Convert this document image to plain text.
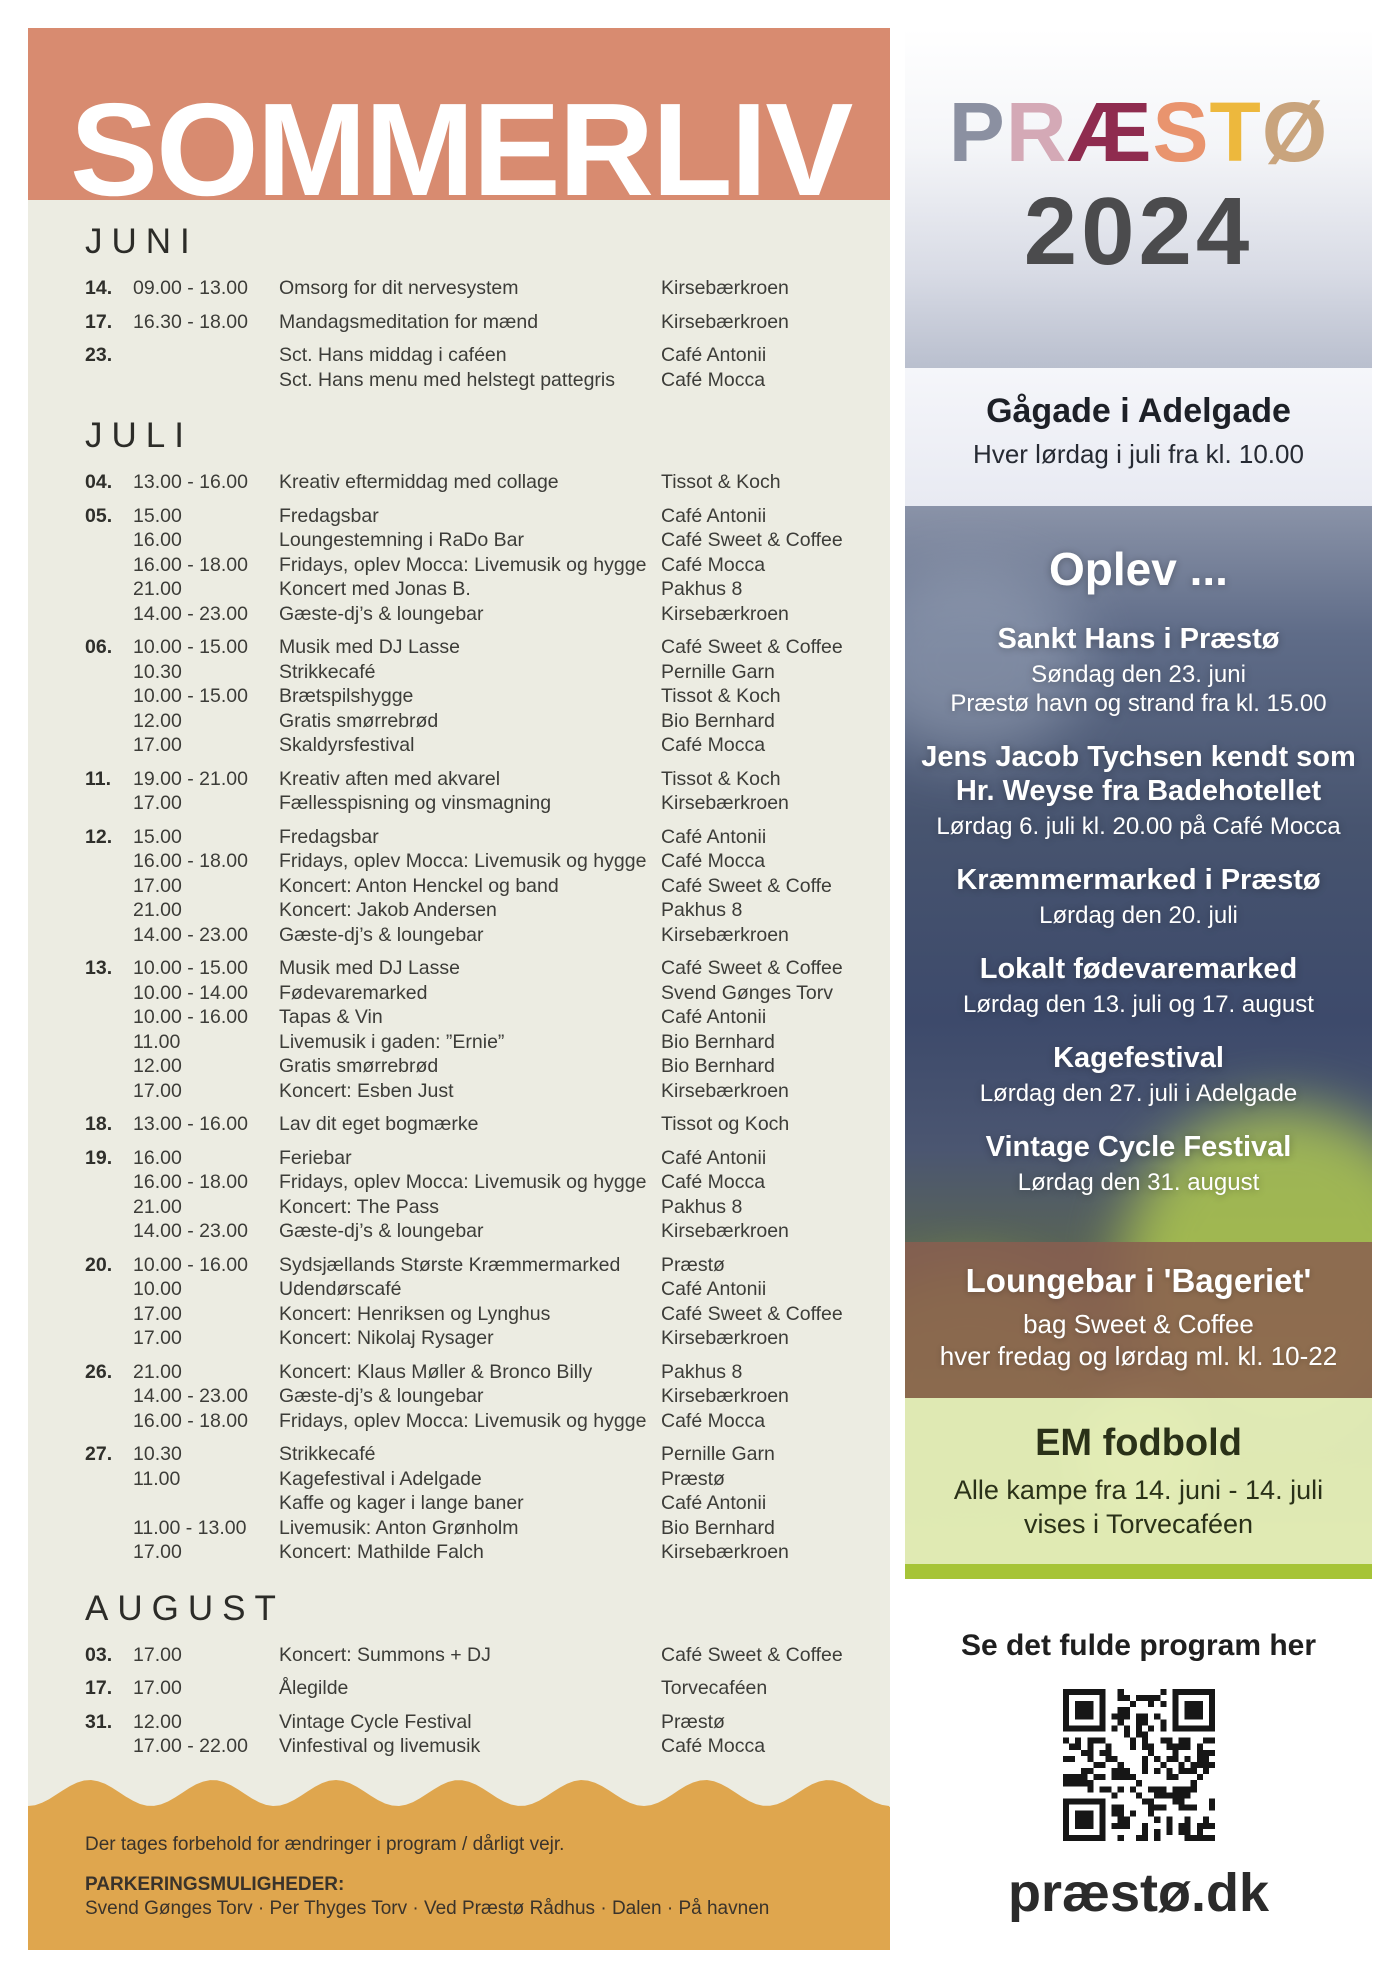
SOMMERLIV
JUNI
14.	09.00 - 13.00	Omsorg for dit nervesystem	Kirsebærkroen
17.	16.30 - 18.00	Mandagsmeditation for mænd	Kirsebærkroen
23.	Sct. Hans middag i caféen	Café Antonii
Sct. Hans menu med helstegt pattegris	Café Mocca
JULI
04.	13.00 - 16.00	Kreativ eftermiddag med collage	Tissot & Koch
05.	15.00	Fredagsbar	Café Antonii
16.00	Loungestemning i RaDo Bar	Café Sweet & Coffee
16.00 - 18.00	Fridays, oplev Mocca: Livemusik og hygge Café Mocca
21.00	Koncert med Jonas B.	Pakhus 8
14.00 - 23.00	Gæste-dj’s & loungebar	Kirsebærkroen
06.	10.00 - 15.00	Musik med DJ Lasse	Café Sweet & Coffee
10.30	Strikkecafé	Pernille Garn
10.00 - 15.00	Brætspilshygge	Tissot & Koch
12.00	Gratis smørrebrød	Bio Bernhard
17.00	Skaldyrsfestival	Café Mocca
11.	19.00 - 21.00	Kreativ aften med akvarel	Tissot & Koch
17.00	Fællesspisning og vinsmagning	Kirsebærkroen
12.	15.00	Fredagsbar	Café Antonii
16.00 - 18.00	Fridays, oplev Mocca: Livemusik og hygge Café Mocca
17.00	Koncert: Anton Henckel og band	Café Sweet & Coffe
21.00	Koncert: Jakob Andersen	Pakhus 8
14.00 - 23.00	Gæste-dj’s & loungebar	Kirsebærkroen
13.	10.00 - 15.00	Musik med DJ Lasse	Café Sweet & Coffee
10.00 - 14.00	Fødevaremarked	Svend Gønges Torv
10.00 - 16.00	Tapas & Vin	Café Antonii
11.00	Livemusik i gaden: ”Ernie”	Bio Bernhard
12.00	Gratis smørrebrød	Bio Bernhard
17.00	Koncert: Esben Just	Kirsebærkroen
18.	13.00 - 16.00	Lav dit eget bogmærke	Tissot og Koch
19.	16.00	Feriebar	Café Antonii
16.00 - 18.00	Fridays, oplev Mocca: Livemusik og hygge Café Mocca
21.00	Koncert: The Pass	Pakhus 8
14.00 - 23.00	Gæste-dj’s & loungebar	Kirsebærkroen
20.	10.00 - 16.00	Sydsjællands Største Kræmmermarked	Præstø
10.00	Udendørscafé	Café Antonii
17.00	Koncert: Henriksen og Lynghus	Café Sweet & Coffee
17.00	Koncert: Nikolaj Rysager	Kirsebærkroen
26.	21.00	Koncert: Klaus Møller & Bronco Billy	Pakhus 8
14.00 - 23.00	Gæste-dj’s & loungebar	Kirsebærkroen
16.00 - 18.00	Fridays, oplev Mocca: Livemusik og hygge Café Mocca
27.	10.30	Strikkecafé	Pernille Garn
11.00	Kagefestival i Adelgade	Præstø
Kaffe og kager i lange baner	Café Antonii
11.00 - 13.00	Livemusik: Anton Grønholm	Bio Bernhard
17.00	Koncert: Mathilde Falch	Kirsebærkroen
AUGUST
03.	17.00	Koncert: Summons + DJ	Café Sweet & Coffee
17.	17.00	Ålegilde	Torvecaféen
31.	12.00	Vintage Cycle Festival	Præstø
17.00 - 22.00	Vinfestival og livemusik	Café Mocca

Der tages forbehold for ændringer i program / dårligt vejr.

PARKERINGSMULIGHEDER:

Svend Gønges Torv · Per Thyges Torv · Ved Præstø Rådhus · Dalen · På havnen

PRÆSTØ
2024
Gågade i Adelgade

Hver lørdag i juli fra kl. 10.00

Oplev ...
Sankt Hans i Præstø

Søndag den 23. juni

Præstø havn og strand fra kl. 15.00

Jens Jacob Tychsen kendt som Hr. Weyse fra Badehotellet

Lørdag 6. juli kl. 20.00 på Café Mocca

Kræmmermarked i Præstø

Lørdag den 20. juli

Lokalt fødevaremarked

Lørdag den 13. juli og 17. august

Kagefestival

Lørdag den 27. juli i Adelgade

Vintage Cycle Festival

Lørdag den 31. august

Loungebar i 'Bageriet'

bag Sweet & Coffee

hver fredag og lørdag ml. kl. 10-22

EM fodbold

Alle kampe fra 14. juni - 14. juli

vises i Torvecaféen

Se det fulde program her

præstø.dk
